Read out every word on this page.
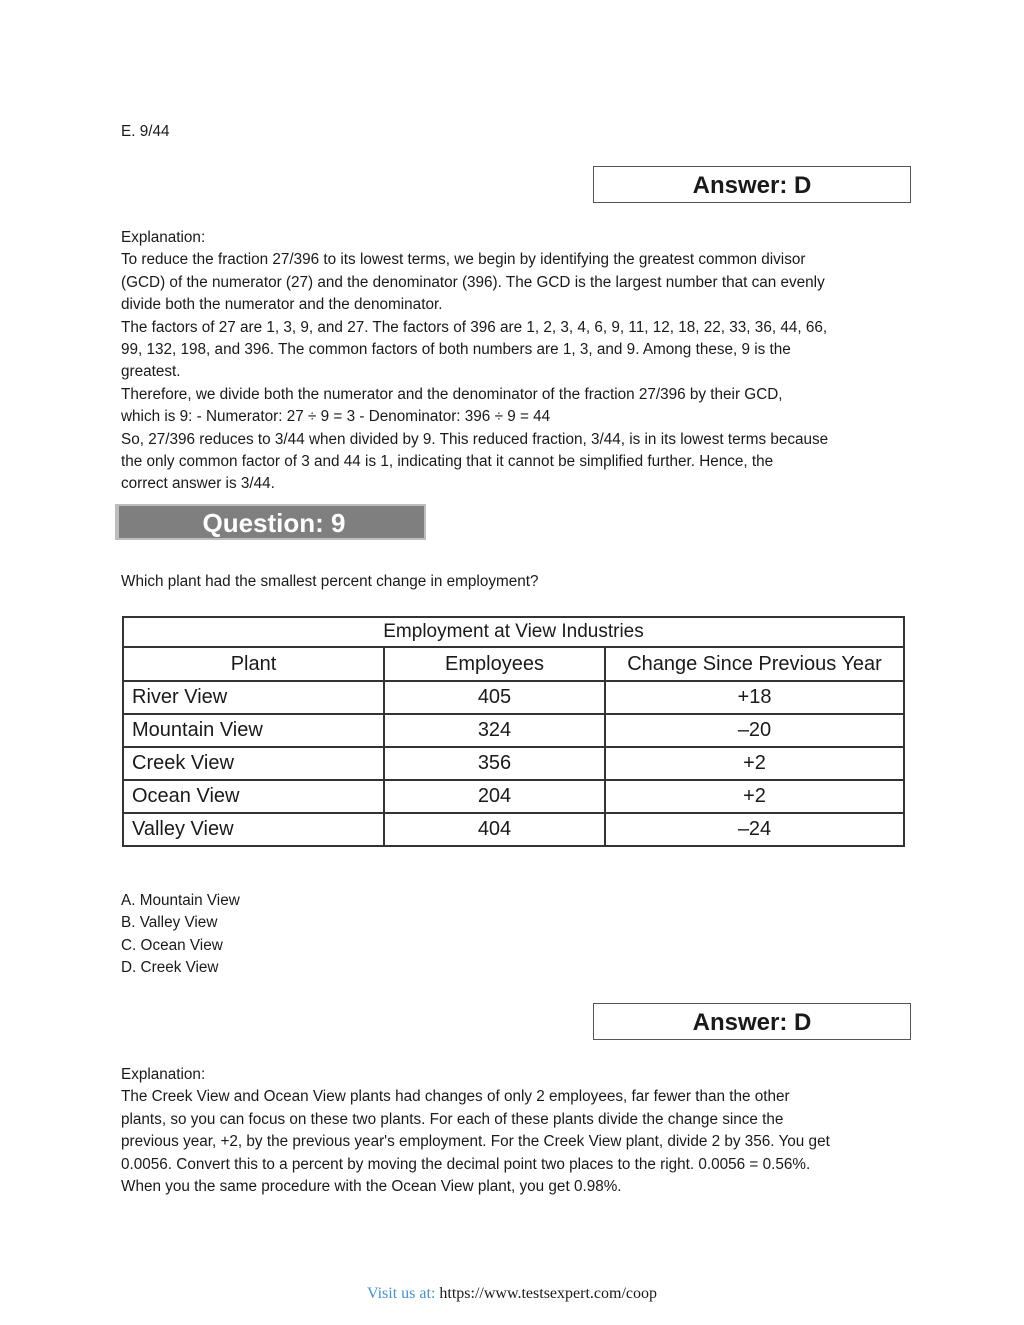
E. 9/44
Answer: D
Explanation:
To reduce the fraction 27/396 to its lowest terms, we begin by identifying the greatest common divisor
(GCD) of the numerator (27) and the denominator (396). The GCD is the largest number that can evenly
divide both the numerator and the denominator.
The factors of 27 are 1, 3, 9, and 27. The factors of 396 are 1, 2, 3, 4, 6, 9, 11, 12, 18, 22, 33, 36, 44, 66,
99, 132, 198, and 396. The common factors of both numbers are 1, 3, and 9. Among these, 9 is the
greatest.
Therefore, we divide both the numerator and the denominator of the fraction 27/396 by their GCD,
which is 9: - Numerator: 27 ÷ 9 = 3 - Denominator: 396 ÷ 9 = 44
So, 27/396 reduces to 3/44 when divided by 9. This reduced fraction, 3/44, is in its lowest terms because
the only common factor of 3 and 44 is 1, indicating that it cannot be simplified further. Hence, the
correct answer is 3/44.
Question: 9
Which plant had the smallest percent change in employment?
Employment at View Industries		
Plant	Employees	Change Since Previous Year
River View	405	+18
Mountain View	324	–20
Creek View	356	+2
Ocean View	204	+2
Valley View	404	–24
A. Mountain View
B. Valley View
C. Ocean View
D. Creek View
Answer: D
Explanation:
The Creek View and Ocean View plants had changes of only 2 employees, far fewer than the other
plants, so you can focus on these two plants. For each of these plants divide the change since the
previous year, +2, by the previous year's employment. For the Creek View plant, divide 2 by 356. You get
0.0056. Convert this to a percent by moving the decimal point two places to the right. 0.0056 = 0.56%.
When you the same procedure with the Ocean View plant, you get 0.98%.
Visit us at: https://www.testsexpert.com/coop
